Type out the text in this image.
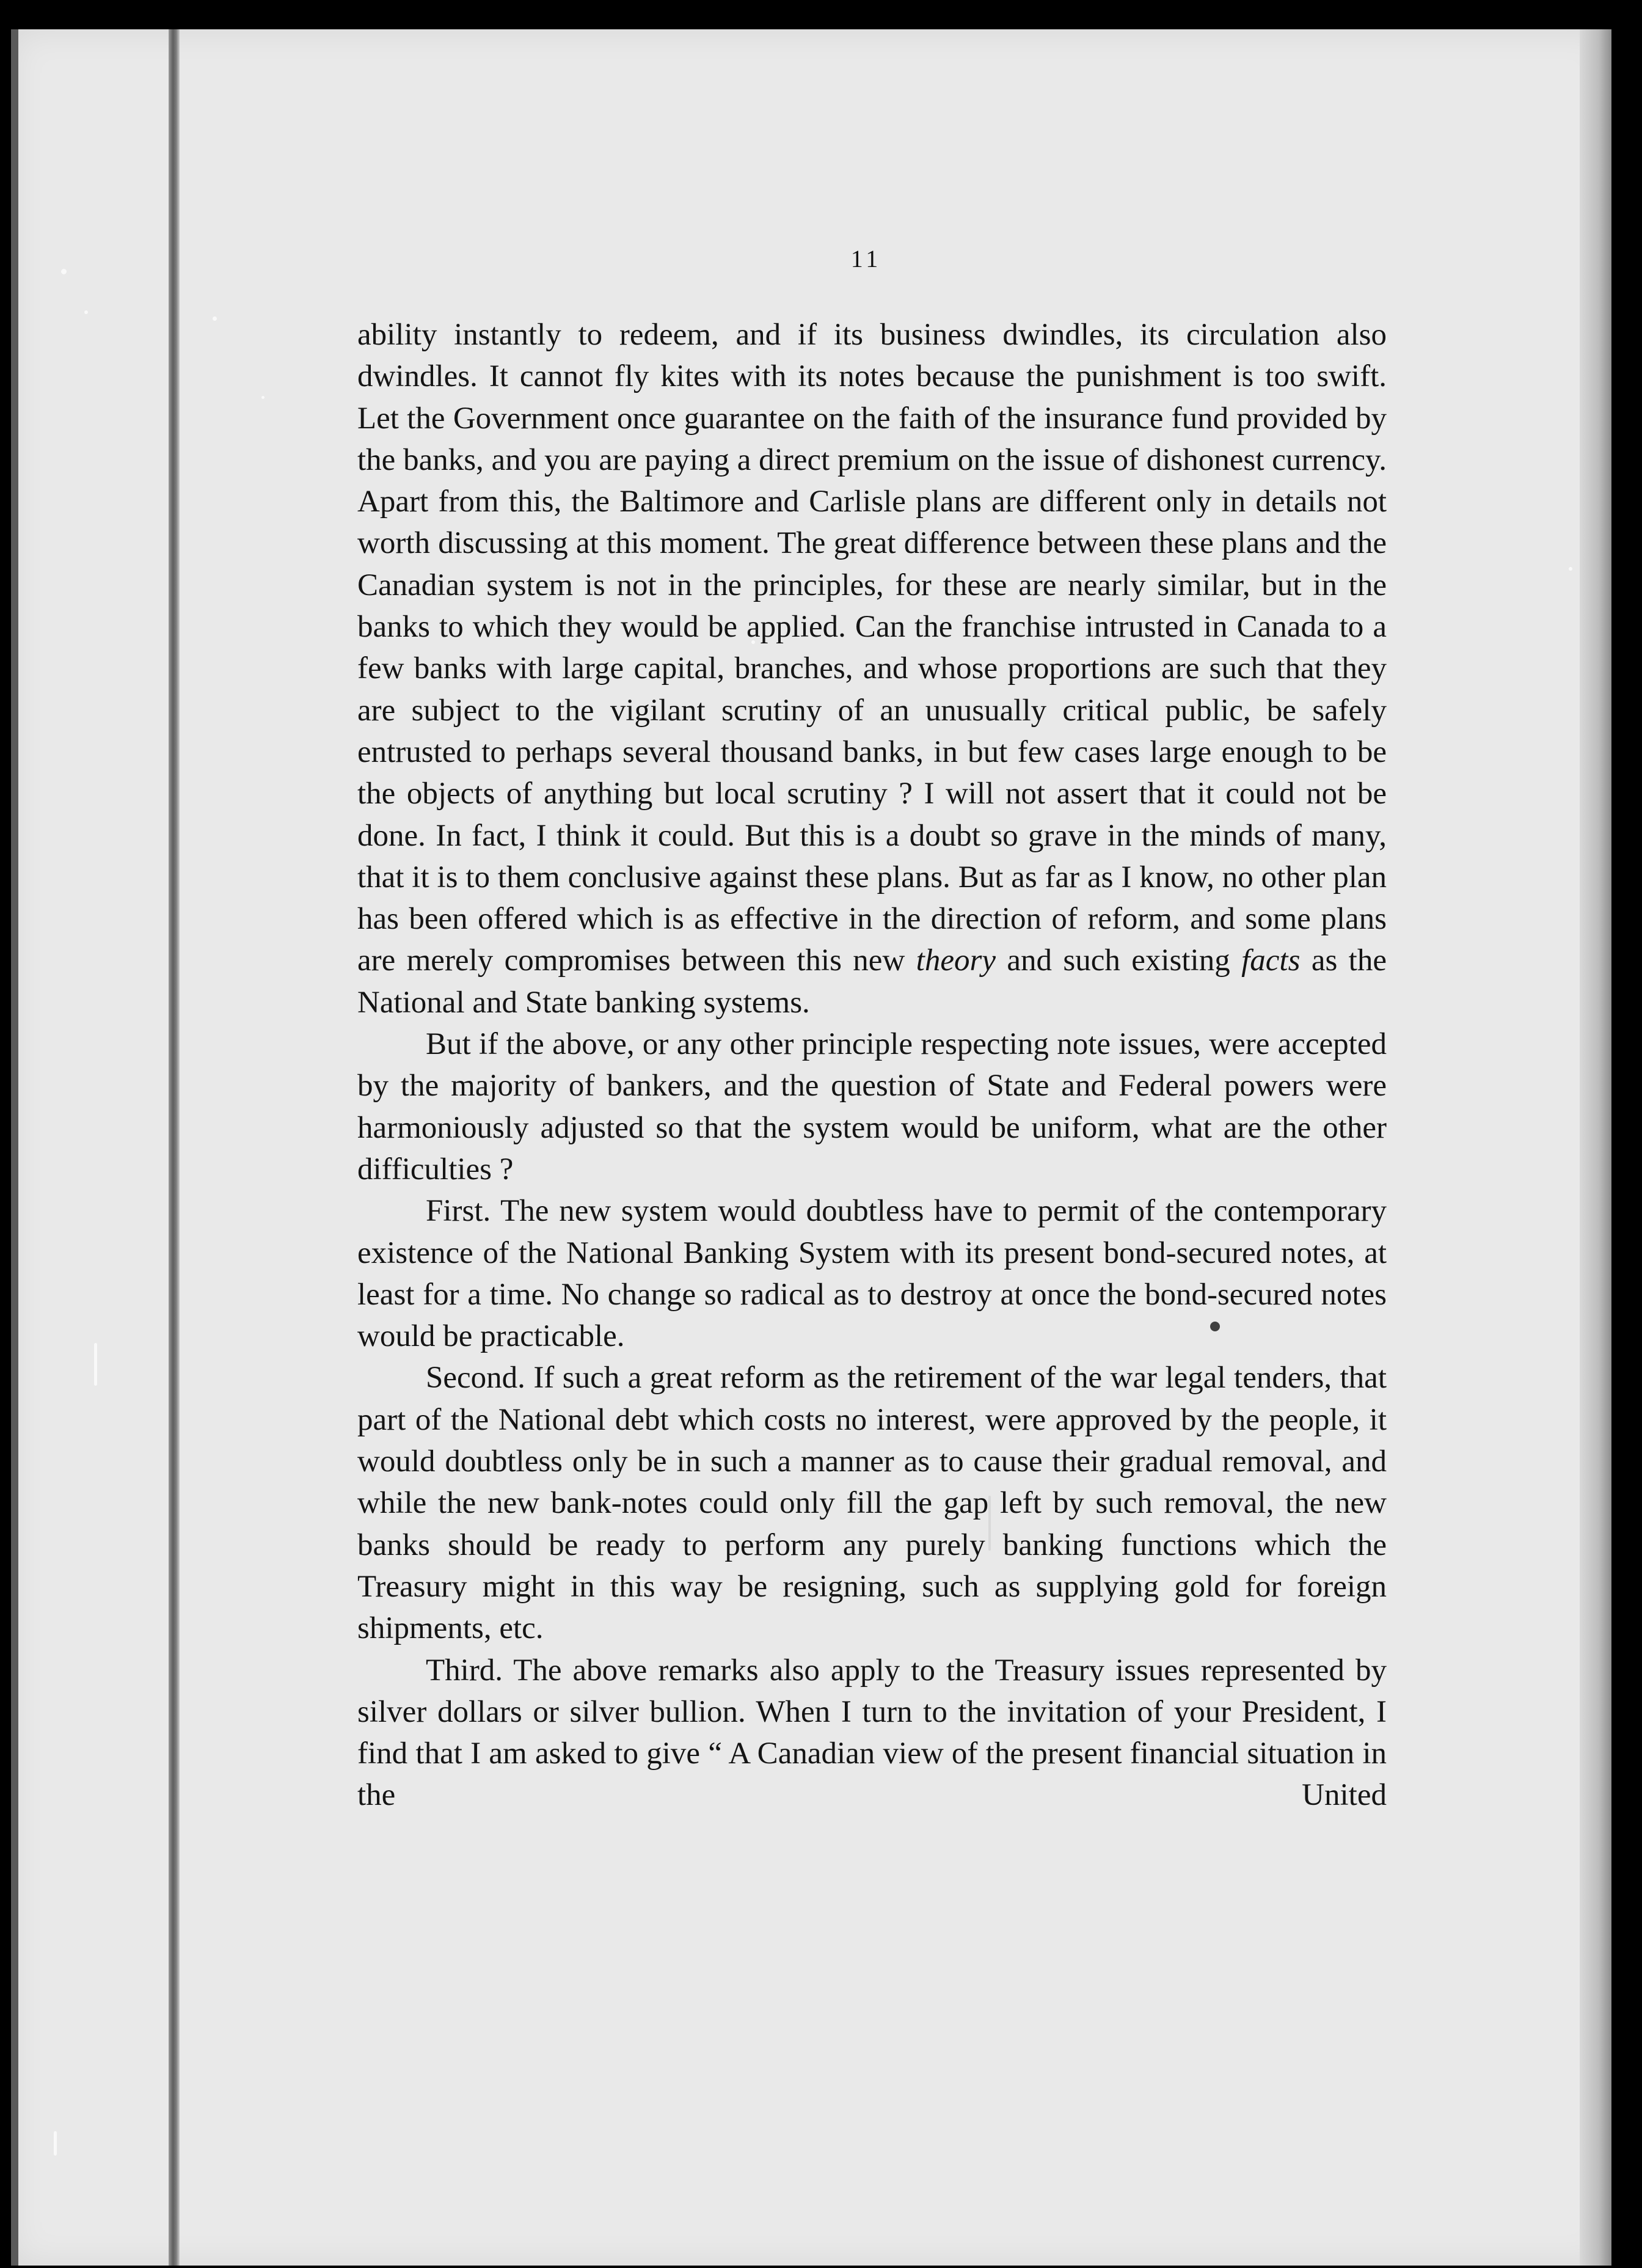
11

ability instantly to redeem, and if its business dwindles, its circulation also dwindles. It cannot fly kites with its notes because the punishment is too swift. Let the Government once guarantee on the faith of the insurance fund provided by the banks, and you are paying a direct premium on the issue of dishonest currency. Apart from this, the Baltimore and Carlisle plans are different only in details not worth discussing at this moment. The great difference between these plans and the Canadian system is not in the principles, for these are nearly similar, but in the banks to which they would be applied. Can the franchise intrusted in Canada to a few banks with large capital, branches, and whose proportions are such that they are subject to the vigilant scrutiny of an unusually critical public, be safely entrusted to perhaps several thousand banks, in but few cases large enough to be the objects of anything but local scrutiny ? I will not assert that it could not be done. In fact, I think it could. But this is a doubt so grave in the minds of many, that it is to them conclusive against these plans. But as far as I know, no other plan has been offered which is as effective in the direction of reform, and some plans are merely compromises between this new theory and such existing facts as the National and State banking systems.

But if the above, or any other principle respecting note issues, were accepted by the majority of bankers, and the question of State and Federal powers were harmoniously adjusted so that the system would be uniform, what are the other difficulties ?

First. The new system would doubtless have to permit of the contemporary existence of the National Banking System with its present bond-secured notes, at least for a time. No change so radical as to destroy at once the bond-secured notes would be practicable.

Second. If such a great reform as the retirement of the war legal tenders, that part of the National debt which costs no interest, were approved by the people, it would doubtless only be in such a manner as to cause their gradual removal, and while the new bank-notes could only fill the gap left by such removal, the new banks should be ready to perform any purely banking functions which the Treasury might in this way be resigning, such as supplying gold for foreign shipments, etc.

Third. The above remarks also apply to the Treasury issues represented by silver dollars or silver bullion. When I turn to the invitation of your President, I find that I am asked to give “ A Canadian view of the present financial situation in the United
